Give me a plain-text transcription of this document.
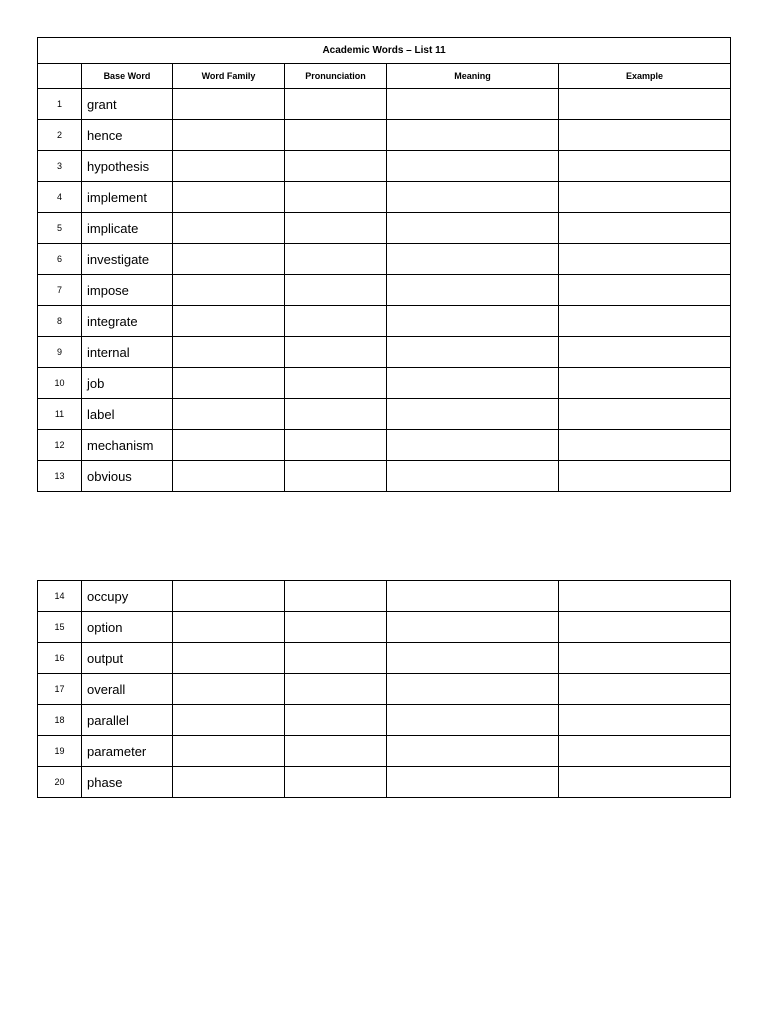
Academic Words – List 11					
	Base Word	Word Family	Pronunciation	Meaning	Example
1	grant				
2	hence				
3	hypothesis				
4	implement				
5	implicate				
6	investigate				
7	impose				
8	integrate				
9	internal				
10	job				
11	label				
12	mechanism				
13	obvious				
14	occupy				
15	option				
16	output				
17	overall				
18	parallel				
19	parameter				
20	phase				
